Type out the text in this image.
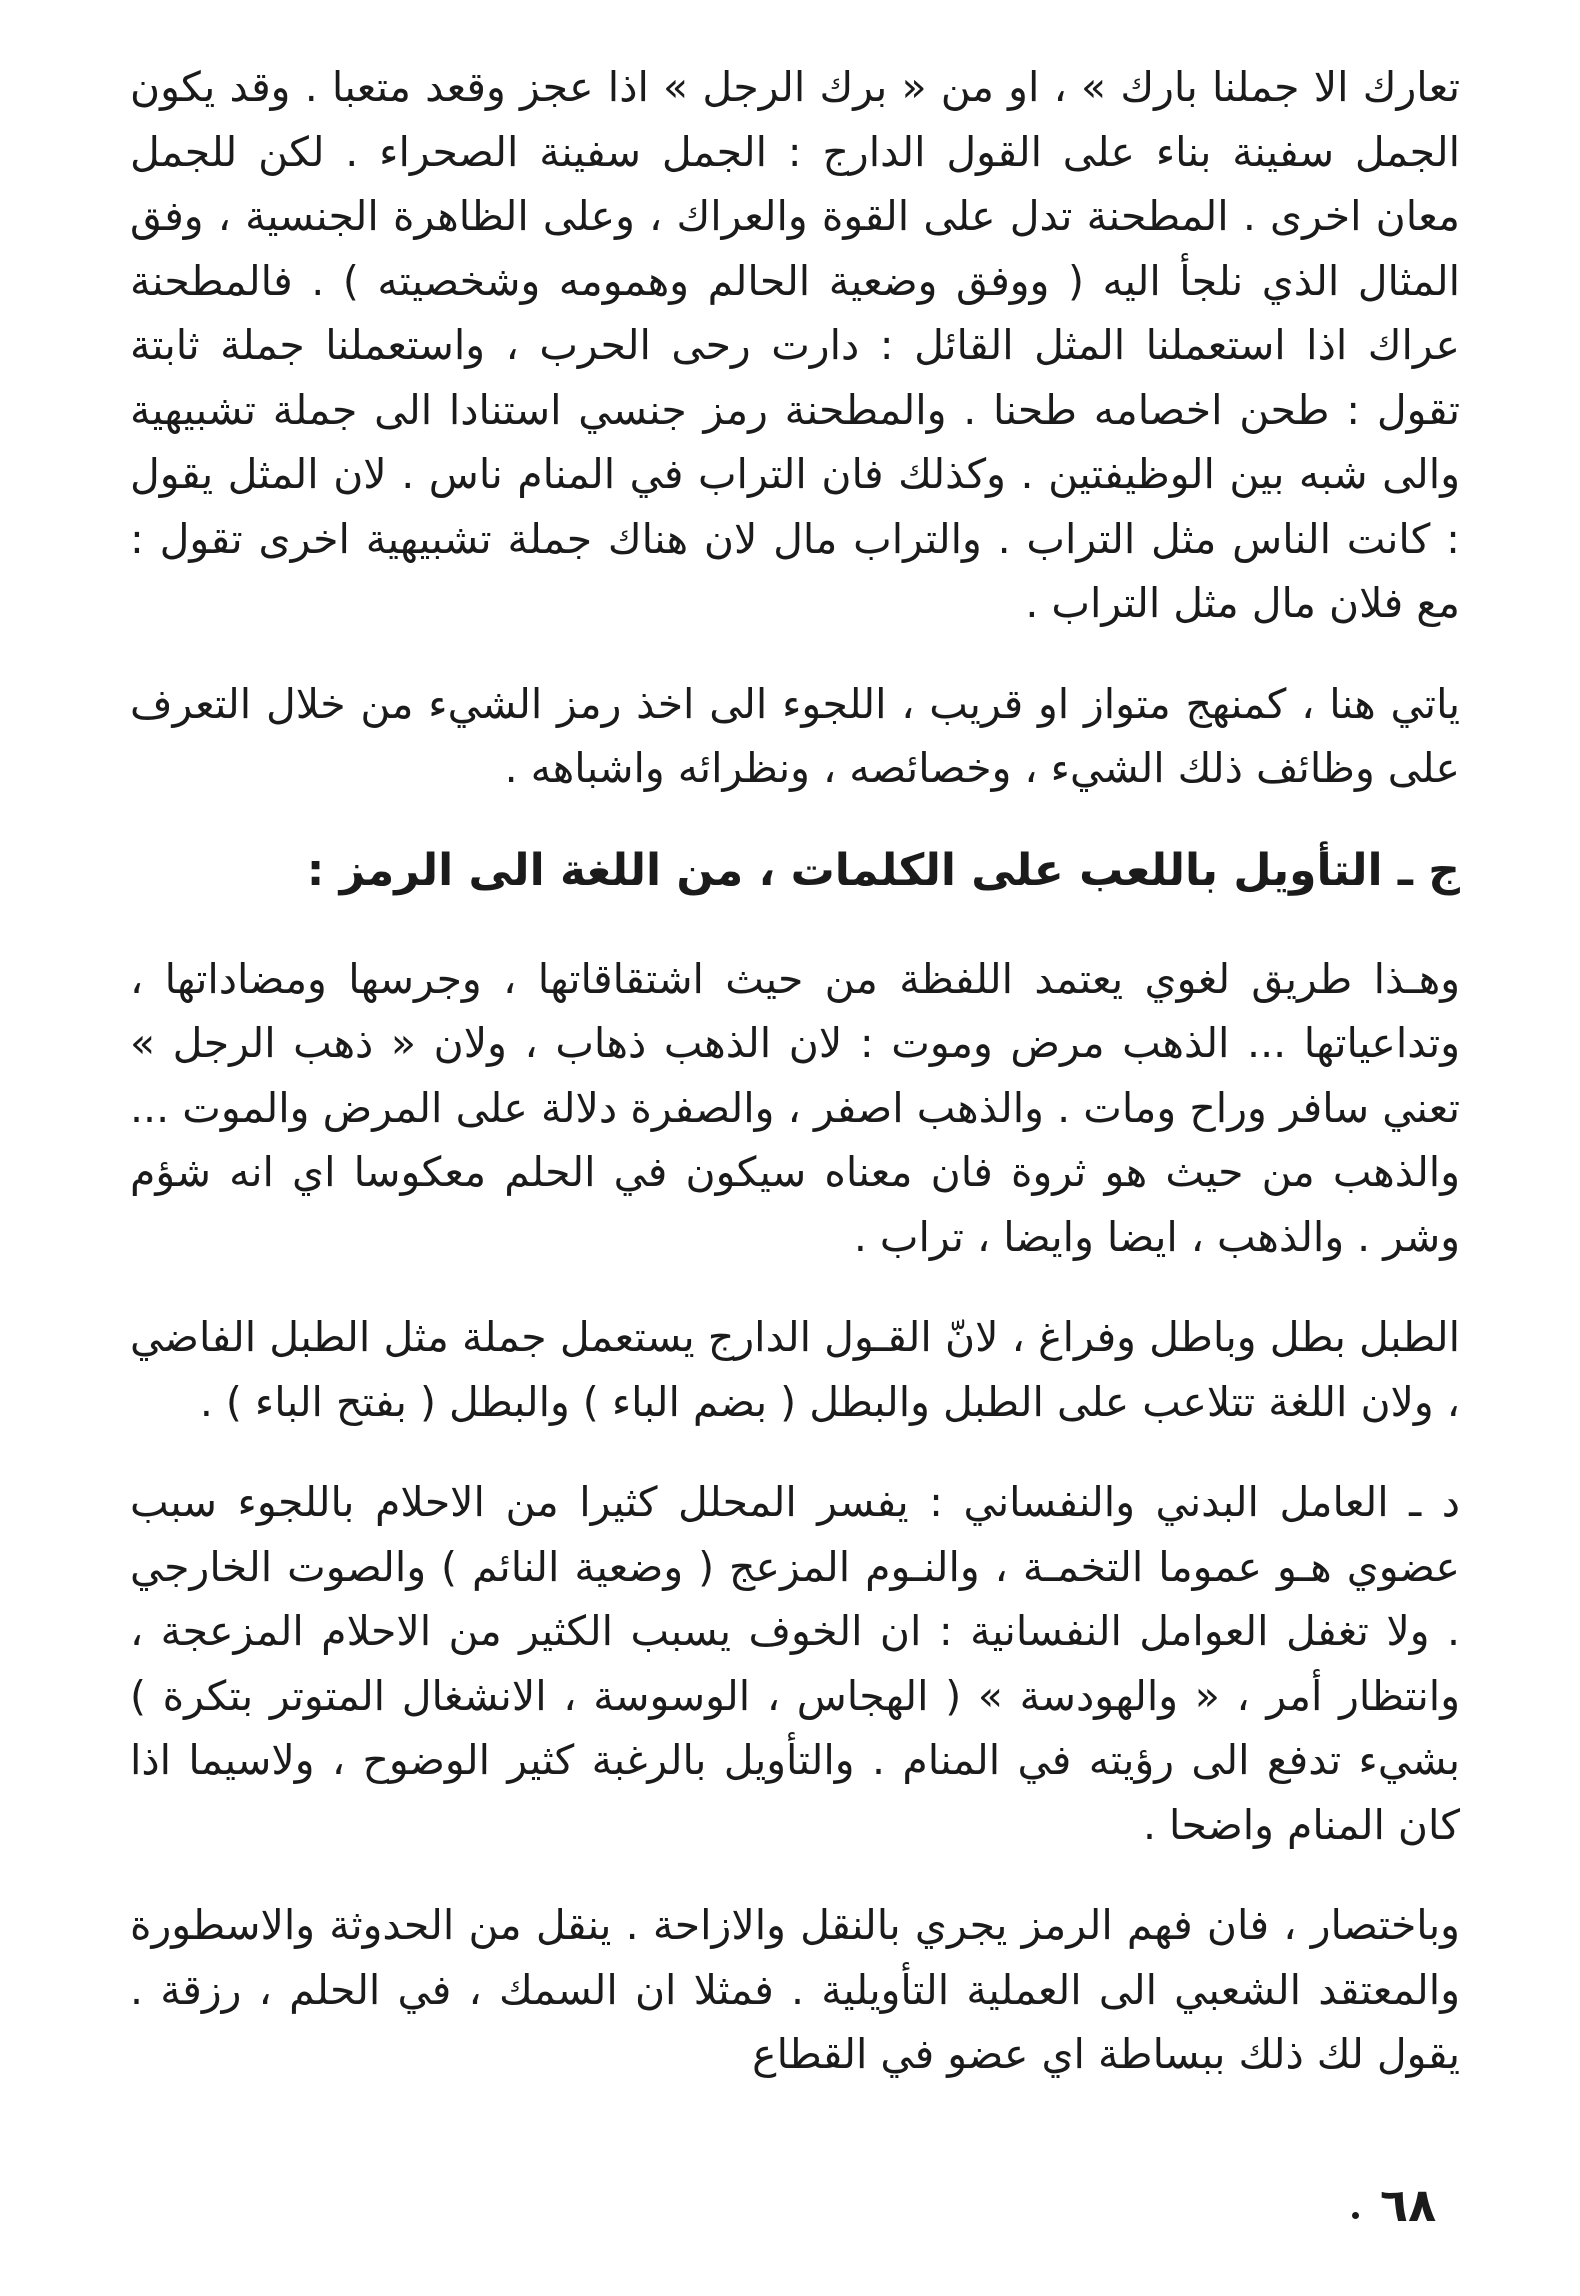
تعارك الا جملنا بارك » ، او من « برك الرجل » اذا عجز وقعد متعبا . وقد يكون الجمل سفينة بناء على القول الدارج : الجمل سفينة الصحراء . لكن للجمل معان اخرى . المطحنة تدل على القوة والعراك ، وعلى الظاهرة الجنسية ، وفق المثال الذي نلجأ اليه ( ووفق وضعية الحالم وهمومه وشخصيته ) . فالمطحنة عراك اذا استعملنا المثل القائل : دارت رحى الحرب ، واستعملنا جملة ثابتة تقول : طحن اخصامه طحنا . والمطحنة رمز جنسي استنادا الى جملة تشبيهية والى شبه بين الوظيفتين . وكذلك فان التراب في المنام ناس . لان المثل يقول : كانت الناس مثل التراب . والتراب مال لان هناك جملة تشبيهية اخرى تقول : مع فلان مال مثل التراب .

ياتي هنا ، كمنهج متواز او قريب ، اللجوء الى اخذ رمز الشيء من خلال التعرف على وظائف ذلك الشيء ، وخصائصه ، ونظرائه واشباهه .

ج ـ التأويل باللعب على الكلمات ، من اللغة الى الرمز :

وهـذا طريق لغوي يعتمد اللفظة من حيث اشتقاقاتها ، وجرسها ومضاداتها ، وتداعياتها ... الذهب مرض وموت : لان الذهب ذهاب ، ولان « ذهب الرجل » تعني سافر وراح ومات . والذهب اصفر ، والصفرة دلالة على المرض والموت ... والذهب من حيث هو ثروة فان معناه سيكون في الحلم معكوسا اي انه شؤم وشر . والذهب ، ايضا وايضا ، تراب .

الطبل بطل وباطل وفراغ ، لانّ القـول الدارج يستعمل جملة مثل الطبل الفاضي ، ولان اللغة تتلاعب على الطبل والبطل ( بضم الباء ) والبطل ( بفتح الباء ) .

د ـ العامل البدني والنفساني : يفسر المحلل كثيرا من الاحلام باللجوء سبب عضوي هـو عموما التخمـة ، والنـوم المزعج ( وضعية النائم ) والصوت الخارجي . ولا تغفل العوامل النفسانية : ان الخوف يسبب الكثير من الاحلام المزعجة ، وانتظار أمر ، « والهودسة » ( الهجاس ، الوسوسة ، الانشغال المتوتر بتكرة ) بشيء تدفع الى رؤيته في المنام . والتأويل بالرغبة كثير الوضوح ، ولاسيما اذا كان المنام واضحا .

وباختصار ، فان فهم الرمز يجري بالنقل والازاحة . ينقل من الحدوثة والاسطورة والمعتقد الشعبي الى العملية التأويلية . فمثلا ان السمك ، في الحلم ، رزقة . يقول لك ذلك ببساطة اي عضو في القطاع

٦٨
